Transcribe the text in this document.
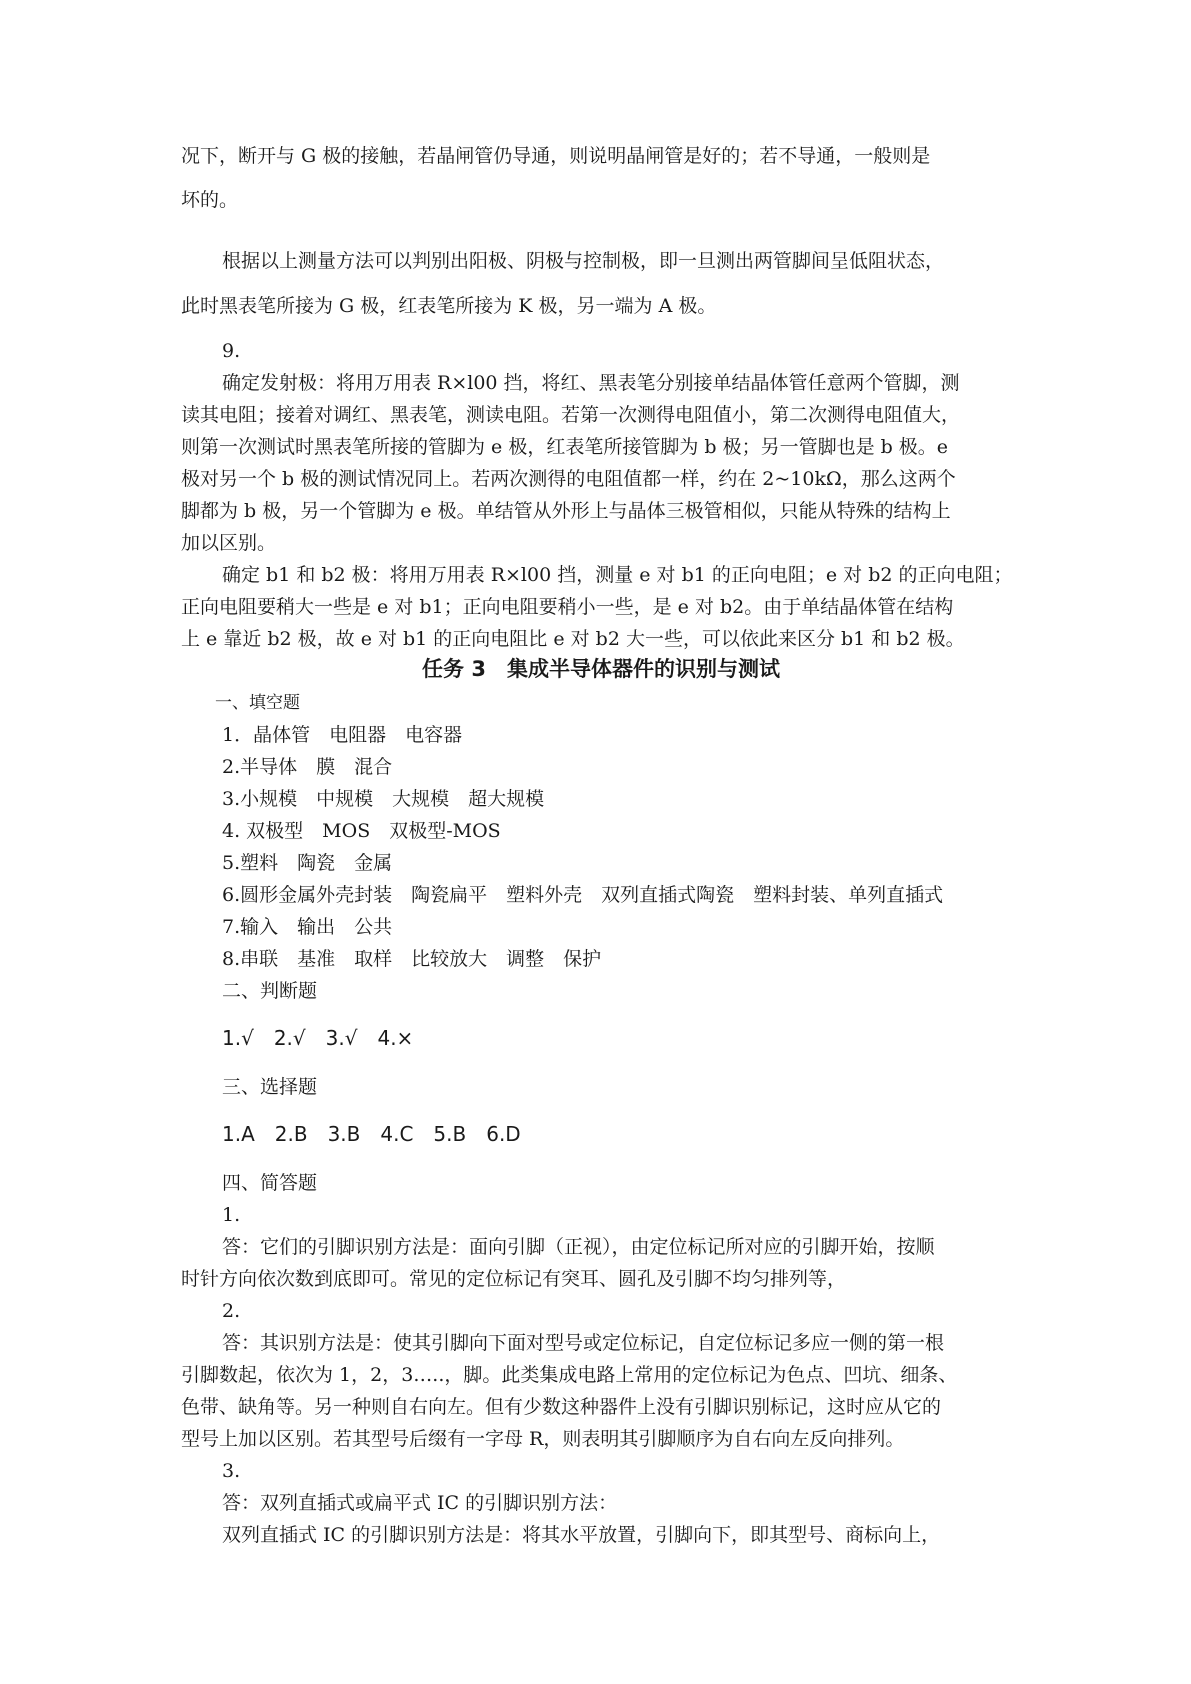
况下，断开与 G 极的接触，若晶闸管仍导通，则说明晶闸管是好的；若不导通，一般则是

坏的。

根据以上测量方法可以判别出阳极、阴极与控制极，即一旦测出两管脚间呈低阻状态，

此时黑表笔所接为 G 极，红表笔所接为 K 极，另一端为 A 极。

9.

确定发射极：将用万用表 R×l00 挡，将红、黑表笔分别接单结晶体管任意两个管脚，测

读其电阻；接着对调红、黑表笔，测读电阻。若第一次测得电阻值小，第二次测得电阻值大，

则第一次测试时黑表笔所接的管脚为 e 极，红表笔所接管脚为 b 极；另一管脚也是 b 极。e

极对另一个 b 极的测试情况同上。若两次测得的电阻值都一样，约在 2~10kΩ，那么这两个

脚都为 b 极，另一个管脚为 e 极。单结管从外形上与晶体三极管相似，只能从特殊的结构上

加以区别。

确定 b1 和 b2 极：将用万用表 R×l00 挡，测量 e 对 b1 的正向电阻；e 对 b2 的正向电阻；

正向电阻要稍大一些是 e 对 b1；正向电阻要稍小一些，是 e 对 b2。由于单结晶体管在结构

上 e 靠近 b2 极，故 e 对 b1 的正向电阻比 e 对 b2 大一些，可以依此来区分 b1 和 b2 极。

任务 3　集成半导体器件的识别与测试

一、填空题

1．晶体管　电阻器　电容器

2.半导体　膜　混合

3.小规模　中规模　大规模　超大规模

4. 双极型　MOS　双极型-MOS

5.塑料　陶瓷　金属

6.圆形金属外壳封装　陶瓷扁平　塑料外壳　双列直插式陶瓷　塑料封装、单列直插式

7.输入　输出　公共

8.串联　基准　取样　比较放大　调整　保护

二、判断题

1.√　2.√　3.√　4.×

三、选择题

1.A　2.B　3.B　4.C　5.B　6.D

四、简答题

1.

答：它们的引脚识别方法是：面向引脚（正视），由定位标记所对应的引脚开始，按顺

时针方向依次数到底即可。常见的定位标记有突耳、圆孔及引脚不均匀排列等，

2.

答：其识别方法是：使其引脚向下面对型号或定位标记，自定位标记多应一侧的第一根

引脚数起，依次为 1，2，3…..，脚。此类集成电路上常用的定位标记为色点、凹坑、细条、

色带、缺角等。另一种则自右向左。但有少数这种器件上没有引脚识别标记，这时应从它的

型号上加以区别。若其型号后缀有一字母 R，则表明其引脚顺序为自右向左反向排列。

3.

答：双列直插式或扁平式 IC 的引脚识别方法：

双列直插式 IC 的引脚识别方法是：将其水平放置，引脚向下，即其型号、商标向上，
